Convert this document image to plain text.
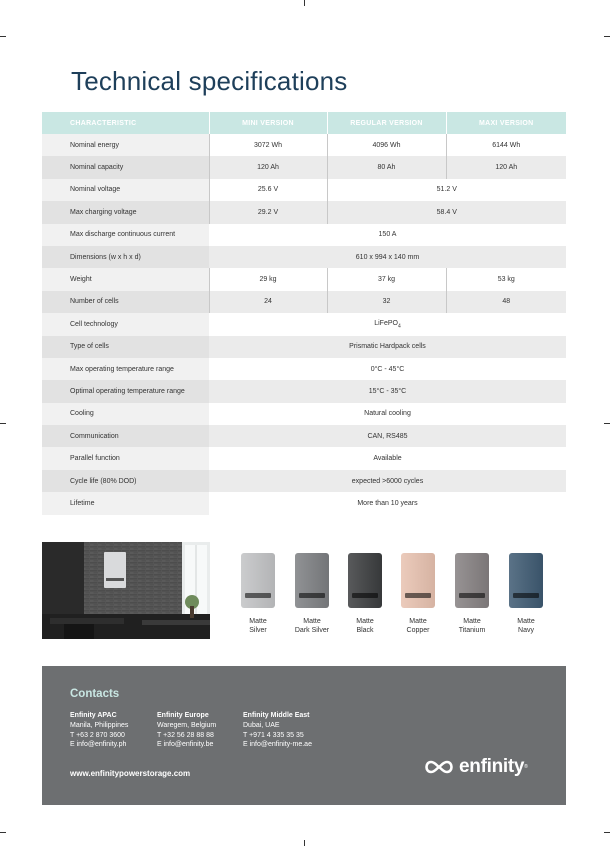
Technical specifications
CHARACTERISTIC	MINI VERSION	REGULAR VERSION	MAXI VERSION
Nominal energy	3072 Wh	4096 Wh	6144 Wh
Nominal capacity	120 Ah	80 Ah	120 Ah
Nominal voltage	25.6 V	51.2 V	
Max charging voltage	29.2 V	58.4 V	
Max discharge continuous current	150 A		
Dimensions (w x h x d)	610 x 994 x 140 mm		
Weight	29 kg	37 kg	53 kg
Number of cells	24	32	48
Cell technology	LiFePO$_4$
Type of cells	Prismatic Hardpack cells		
Max operating temperature range	0°C - 45°C		
Optimal operating temperature range	15°C - 35°C		
Cooling	Natural cooling		
Communication	CAN, RS485		
Parallel function	Available		
Cycle life (80% DOD)	expected >6000 cycles		
Lifetime	More than 10 years		
Matte
Silver
Matte
Dark Silver
Matte
Black
Matte
Copper
Matte
Titanium
Matte
Navy
Contacts
Enfinity APAC
Manila, Philippines
T +63 2 870 3600
E info@enfinity.ph
Enfinity Europe
Waregem, Belgium
T +32 56 28 88 88
E info@enfinity.be
Enfinity Middle East
Dubai, UAE
T +971 4 335 35 35
E info@enfinity-me.ae
www.enfinitypowerstorage.com	enfinity ®
